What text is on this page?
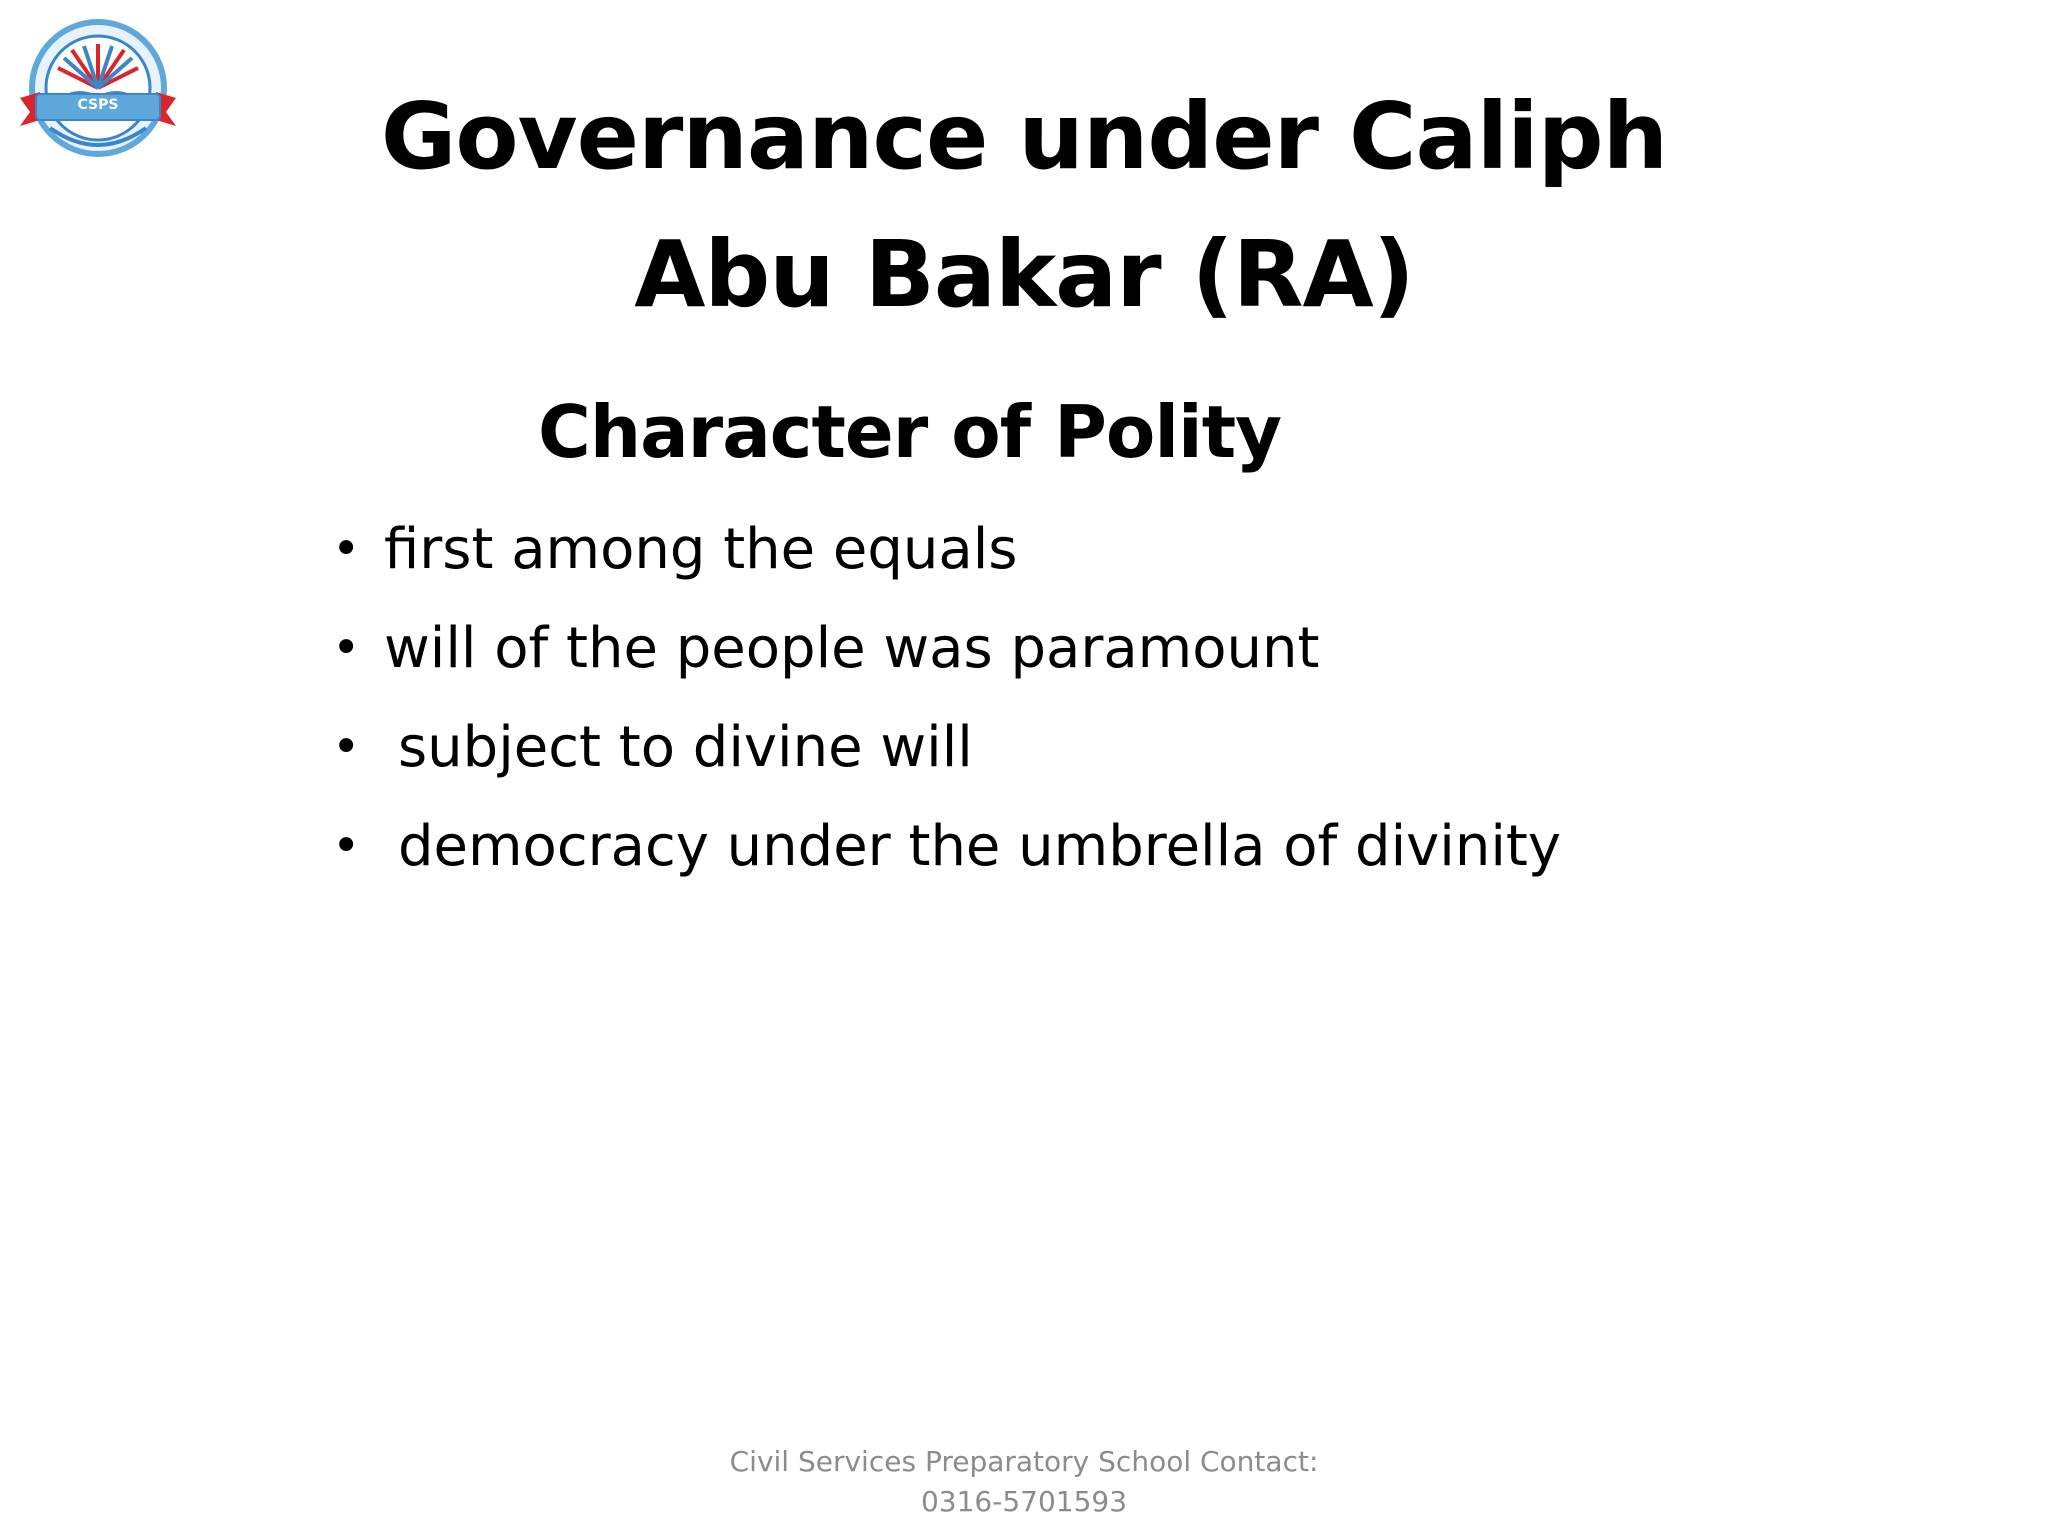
CSPS	Governance under Caliph
Abu Bakar (RA)
Character of Polity
• first among the equals
• will of the people was paramount
• subject to divine will
• democracy under the umbrella of divinity
Civil Services Preparatory School Contact:
0316-5701593
